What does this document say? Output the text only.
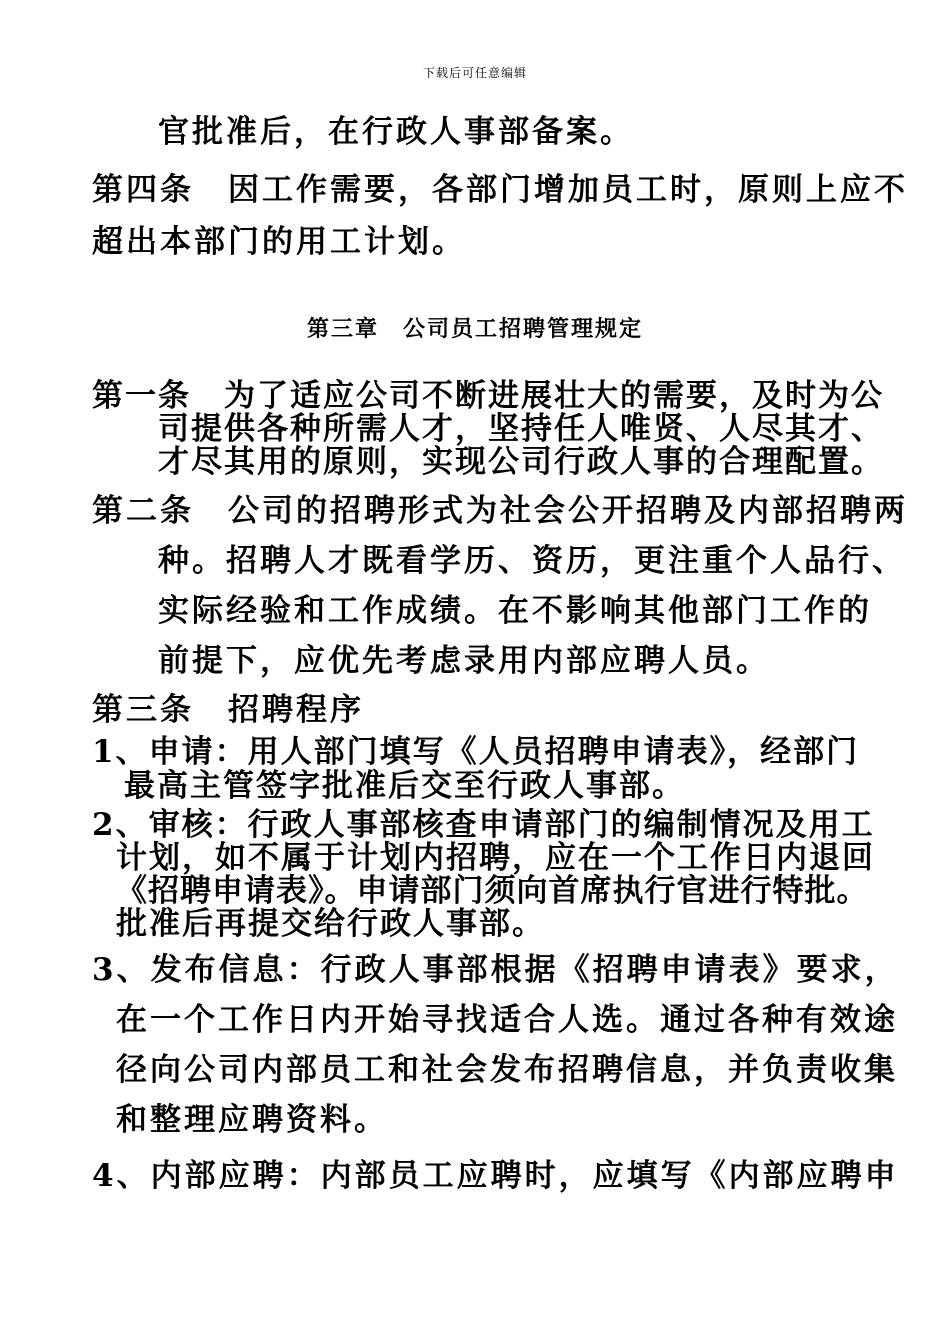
下载后可任意编辑
官批准后，在行政人事部备案。
第四条　因工作需要，各部门增加员工时，原则上应不
超出本部门的用工计划。
第三章　公司员工招聘管理规定
第一条　为了适应公司不断进展壮大的需要，及时为公
司提供各种所需人才，坚持任人唯贤、人尽其才、
才尽其用的原则，实现公司行政人事的合理配置。
第二条　公司的招聘形式为社会公开招聘及内部招聘两
种。招聘人才既看学历、资历，更注重个人品行、
实际经验和工作成绩。在不影响其他部门工作的
前提下，应优先考虑录用内部应聘人员。
第三条　招聘程序
1、申请：用人部门填写《人员招聘申请表》，经部门
最高主管签字批准后交至行政人事部。
2、审核：行政人事部核查申请部门的编制情况及用工
计划，如不属于计划内招聘，应在一个工作日内退回
《招聘申请表》。申请部门须向首席执行官进行特批。
批准后再提交给行政人事部。
3、发布信息：行政人事部根据《招聘申请表》要求，
在一个工作日内开始寻找适合人选。通过各种有效途
径向公司内部员工和社会发布招聘信息，并负责收集
和整理应聘资料。
4、内部应聘：内部员工应聘时，应填写《内部应聘申
